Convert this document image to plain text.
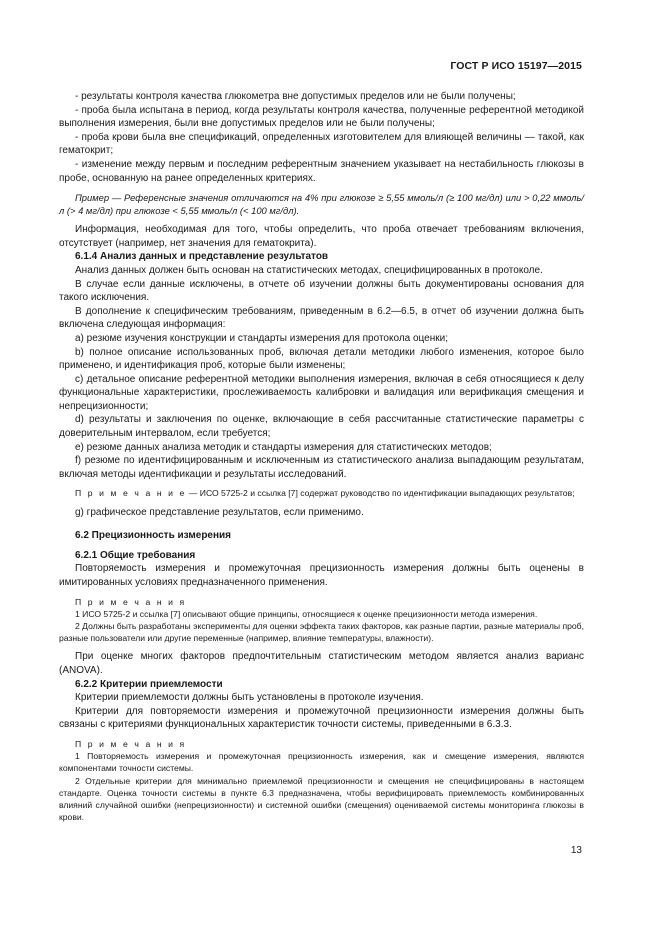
ГОСТ Р ИСО 15197—2015

- результаты контроля качества глюкометра вне допустимых пределов или не были получены;

- проба была испытана в период, когда результаты контроля качества, полученные референтной методикой выполнения измерения, были вне допустимых пределов или не были получены;

- проба крови была вне спецификаций, определенных изготовителем для влияющей величины — такой, как гематокрит;

- изменение между первым и последним референтным значением указывает на нестабильность глюкозы в пробе, основанную на ранее определенных критериях.

Пример — Референсные значения отличаются на 4% при глюкозе ≥ 5,55 ммоль/л (≥ 100 мг/дл) или > 0,22 ммоль/л (> 4 мг/дл) при глюкозе < 5,55 ммоль/л (< 100 мг/дл).

Информация, необходимая для того, чтобы определить, что проба отвечает требованиям включения, отсутствует (например, нет значения для гематокрита).

6.1.4 Анализ данных и представление результатов

Анализ данных должен быть основан на статистических методах, специфицированных в протоколе.

В случае если данные исключены, в отчете об изучении должны быть документированы основания для такого исключения.

В дополнение к специфическим требованиям, приведенным в 6.2—6.5, в отчет об изучении должна быть включена следующая информация:

а) резюме изучения конструкции и стандарты измерения для протокола оценки;

b) полное описание использованных проб, включая детали методики любого изменения, которое было применено, и идентификация проб, которые были изменены;

с) детальное описание референтной методики выполнения измерения, включая в себя относящиеся к делу функциональные характеристики, прослеживаемость калибровки и валидация или верификация смещения и непрецизионности;

d) результаты и заключения по оценке, включающие в себя рассчитанные статистические параметры с доверительным интервалом, если требуется;

е) резюме данных анализа методик и стандарты измерения для статистических методов;

f) резюме по идентифицированным и исключенным из статистического анализа выпадающим результатам, включая методы идентификации и результаты исследований.

П р и м е ч а н и е — ИСО 5725-2 и ссылка [7] содержат руководство по идентификации выпадающих результатов;

g) графическое представление результатов, если применимо.

6.2 Прецизионность измерения

6.2.1 Общие требования

Повторяемость измерения и промежуточная прецизионность измерения должны быть оценены в имитированных условиях предназначенного применения.

П р и м е ч а н и я

1 ИСО 5725-2 и ссылка [7] описывают общие принципы, относящиеся к оценке прецизионности метода измерения.

2 Должны быть разработаны эксперименты для оценки эффекта таких факторов, как разные партии, разные материалы проб, разные пользователи или другие переменные (например, влияние температуры, влажности).

При оценке многих факторов предпочтительным статистическим методом является анализ варианс (ANOVA).

6.2.2 Критерии приемлемости

Критерии приемлемости должны быть установлены в протоколе изучения.

Критерии для повторяемости измерения и промежуточной прецизионности измерения должны быть связаны с критериями функциональных характеристик точности системы, приведенными в 6.3.3.

П р и м е ч а н и я

1 Повторяемость измерения и промежуточная прецизионность измерения, как и смещение измерения, являются компонентами точности системы.

2 Отдельные критерии для минимально приемлемой прецизионности и смещения не специфицированы в настоящем стандарте. Оценка точности системы в пункте 6.3 предназначена, чтобы верифицировать приемлемость комбинированных влияний случайной ошибки (непрецизионности) и системной ошибки (смещения) оцениваемой системы мониторинга глюкозы в крови.

13
